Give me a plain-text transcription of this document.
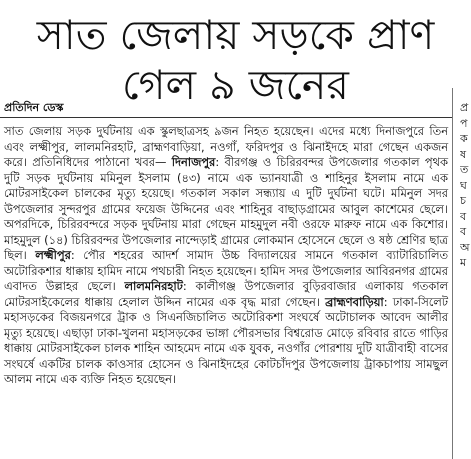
সাত জেলায় সড়কে প্রাণ
গেল ৯ জনের
প্রতিদিন ডেস্ক

সাত জেলায় সড়ক দুর্ঘটনায় এক স্কুলছাত্রসহ ৯জন নিহত হয়েছেন। এদের মধ্যে দিনাজপুরে তিন এবং লক্ষ্মীপুর, লালমনিরহাট, ব্রাহ্মণবাড়িয়া, নওগাঁ, ফরিদপুর ও ঝিনাইদহে মারা গেছেন একজন করে। প্রতিনিধিদের পাঠানো খবর— দিনাজপুর: বীরগঞ্জ ও চিরিরবন্দর উপজেলার গতকাল পৃথক দুটি সড়ক দুর্ঘটনায় মমিনুল ইসলাম (৪৩) নামে এক ভ্যানযাত্রী ও শাহিনুর ইসলাম নামে এক মোটরসাইকেল চালকের মৃত্যু হয়েছে। গতকাল সকাল সন্ধ্যায় এ দুটি দুর্ঘটনা ঘটে। মমিনুল সদর উপজেলার সুন্দরপুর গ্রামের ফয়েজ উদ্দিনের এবং শাহিনুর বাছাড়গ্রামের আবুল কাশেমের ছেলে। অপরদিকে, চিরিরবন্দরে সড়ক দুর্ঘটনায় মারা গেছেন মাহমুদুল নবী ওরফে মারুফ নামে এক কিশোর। মাহমুদুল (১৪) চিরিরবন্দর উপজেলার নান্দেড়াই গ্রামের লোকমান হোসেনে ছেলে ও ষষ্ঠ শ্রেণির ছাত্র ছিল। লক্ষ্মীপুর: পৌর শহরের আদর্শ সামাদ উচ্চ বিদ্যালয়ের সামনে গতকাল ব্যাটারিচালিত অটোরিকশার ধাক্কায় হামিদ নামে পথচারী নিহত হয়েছেন। হামিদ সদর উপজেলার আবিরনগর গ্রামের এবাদত উল্লাহর ছেলে। লালমনিরহাট: কালীগঞ্জ উপজেলার বুড়িরবাজার এলাকায় গতকাল মোটরসাইকেলের ধাক্কায় হেলাল উদ্দিন নামের এক বৃদ্ধ মারা গেছেন। ব্রাহ্মণবাড়িয়া: ঢাকা-সিলেট মহাসড়কের বিজয়নগরে ট্রাক ও সিএনজিচালিত অটোরিকশা সংঘর্ষে অটোচালক আবেদ আলীর মৃত্যু হয়েছে। এছাড়া ঢাকা-খুলনা মহাসড়কের ভাঙ্গা পৌরসভার বিশ্বরোড মোড়ে রবিবার রাতে গাড়ির ধাক্কায় মোটরসাইকেল চালক শাহিন আহমেদ নামে এক যুবক, নওগাঁর পোরশায় দুটি যাত্রীবাহী বাসের সংঘর্ষে একটির চালক কাওসার হোসেন ও ঝিনাইদহের কোটচাঁদপুর উপজেলায় ট্রাকচাপায় সামছুল আলম নামে এক ব্যক্তি নিহত হয়েছেন।

প্র
প
ক
ষ
ত
ঘ
চ
ব
ব
অ
ম
